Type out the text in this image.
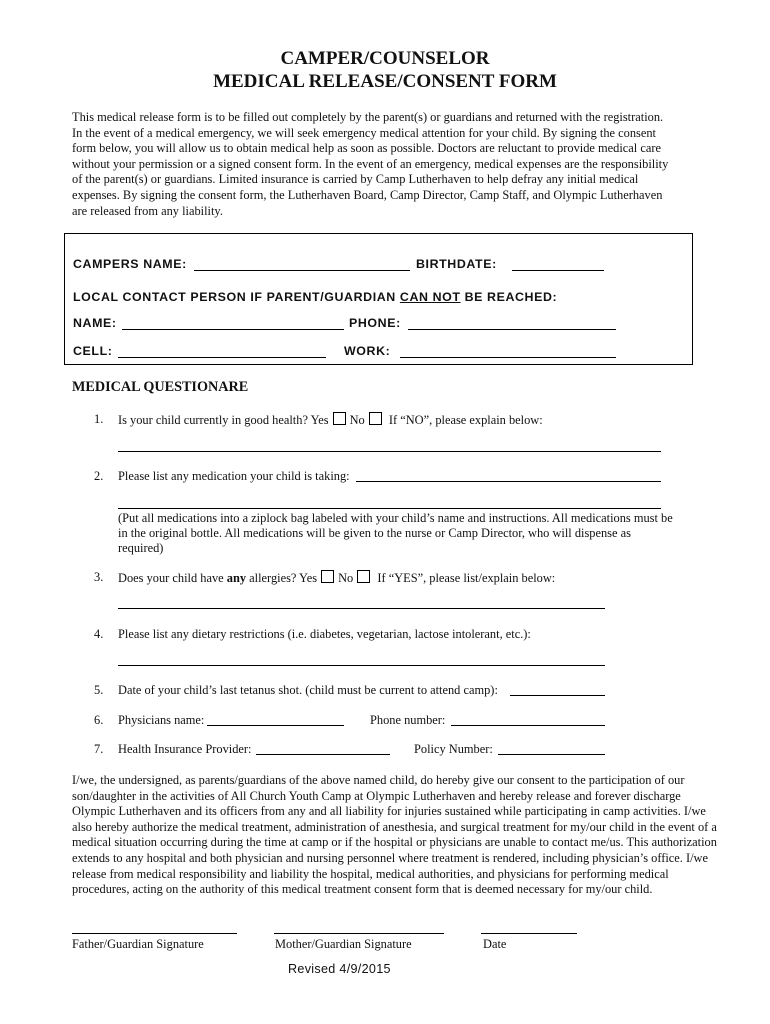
CAMPER/COUNSELOR
MEDICAL RELEASE/CONSENT FORM
This medical release form is to be filled out completely by the parent(s) or guardians and returned with the registration.
In the event of a medical emergency, we will seek emergency medical attention for your child. By signing the consent
form below, you will allow us to obtain medical help as soon as possible. Doctors are reluctant to provide medical care
without your permission or a signed consent form. In the event of an emergency, medical expenses are the responsibility
of the parent(s) or guardians. Limited insurance is carried by Camp Lutherhaven to help defray any initial medical
expenses. By signing the consent form, the Lutherhaven Board, Camp Director, Camp Staff, and Olympic Lutherhaven
are released from any liability.
CAMPERS NAME:	BIRTHDATE:
LOCAL CONTACT PERSON IF PARENT/GUARDIAN CAN NOT BE REACHED:
NAME:	PHONE:
CELL:	WORK:
MEDICAL QUESTIONARE
1. Is your child currently in good health? Yes No If “NO”, please explain below:
2. Please list any medication your child is taking:
(Put all medications into a ziplock bag labeled with your child’s name and instructions. All medications must be
in the original bottle. All medications will be given to the nurse or Camp Director, who will dispense as
required)
3. Does your child have any allergies? Yes No If “YES”, please list/explain below:
4. Please list any dietary restrictions (i.e. diabetes, vegetarian, lactose intolerant, etc.):
5. Date of your child’s last tetanus shot. (child must be current to attend camp):
6. Physicians name:	Phone number:
7. Health Insurance Provider:	Policy Number:
I/we, the undersigned, as parents/guardians of the above named child, do hereby give our consent to the participation of our
son/daughter in the activities of All Church Youth Camp at Olympic Lutherhaven and hereby release and forever discharge
Olympic Lutherhaven and its officers from any and all liability for injuries sustained while participating in camp activities. I/we
also hereby authorize the medical treatment, administration of anesthesia, and surgical treatment for my/our child in the event of a
medical situation occurring during the time at camp or if the hospital or physicians are unable to contact me/us. This authorization
extends to any hospital and both physician and nursing personnel where treatment is rendered, including physician’s office. I/we
release from medical responsibility and liability the hospital, medical authorities, and physicians for performing medical
procedures, acting on the authority of this medical treatment consent form that is deemed necessary for my/our child.
Father/Guardian Signature	Mother/Guardian Signature	Date
Revised 4/9/2015
